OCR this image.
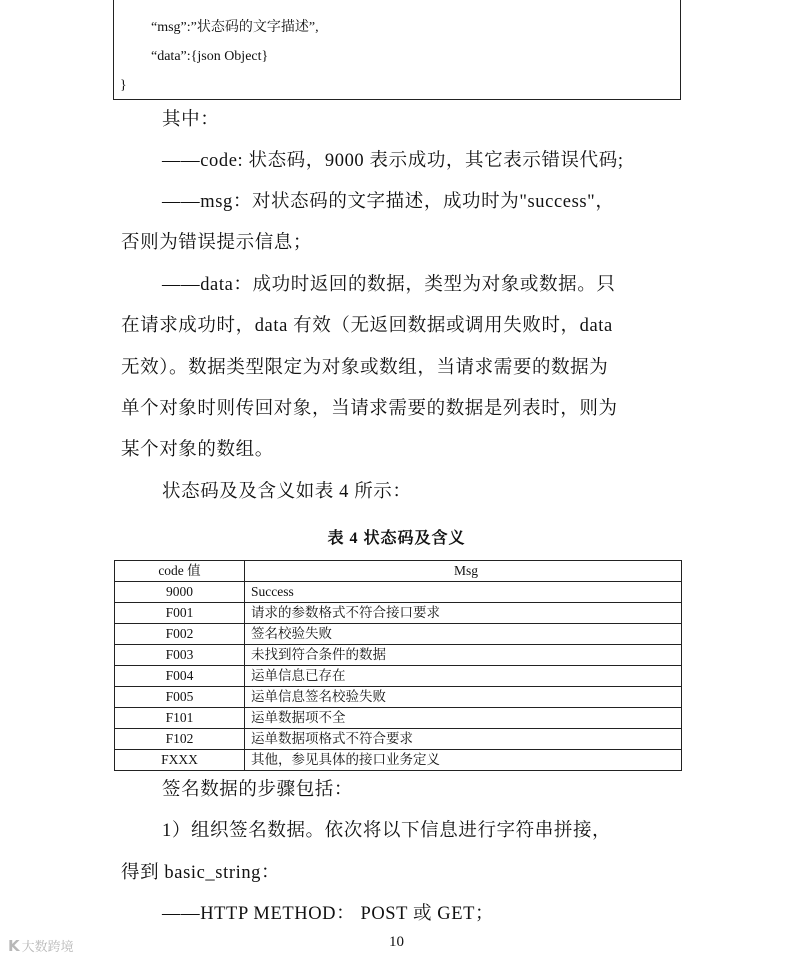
“msg”:”状态码的文字描述”,
“data”:{json Object}
}
其中：
——code: 状态码，9000 表示成功，其它表示错误代码;
——msg：对状态码的文字描述，成功时为"success"，
否则为错误提示信息；
——data：成功时返回的数据，类型为对象或数据。只
在请求成功时，data 有效（无返回数据或调用失败时，data
无效）。数据类型限定为对象或数组，当请求需要的数据为
单个对象时则传回对象，当请求需要的数据是列表时，则为
某个对象的数组。
状态码及及含义如表 4 所示：
表 4 状态码及含义
code 值	Msg
9000	Success
F001	请求的参数格式不符合接口要求
F002	签名校验失败
F003	未找到符合条件的数据
F004	运单信息已存在
F005	运单信息签名校验失败
F101	运单数据项不全
F102	运单数据项格式不符合要求
FXXX	其他，参见具体的接口业务定义
签名数据的步骤包括：
1）组织签名数据。依次将以下信息进行字符串拼接，
得到 basic_string：
——HTTP METHOD： POST 或 GET；
10
K 大数跨境
